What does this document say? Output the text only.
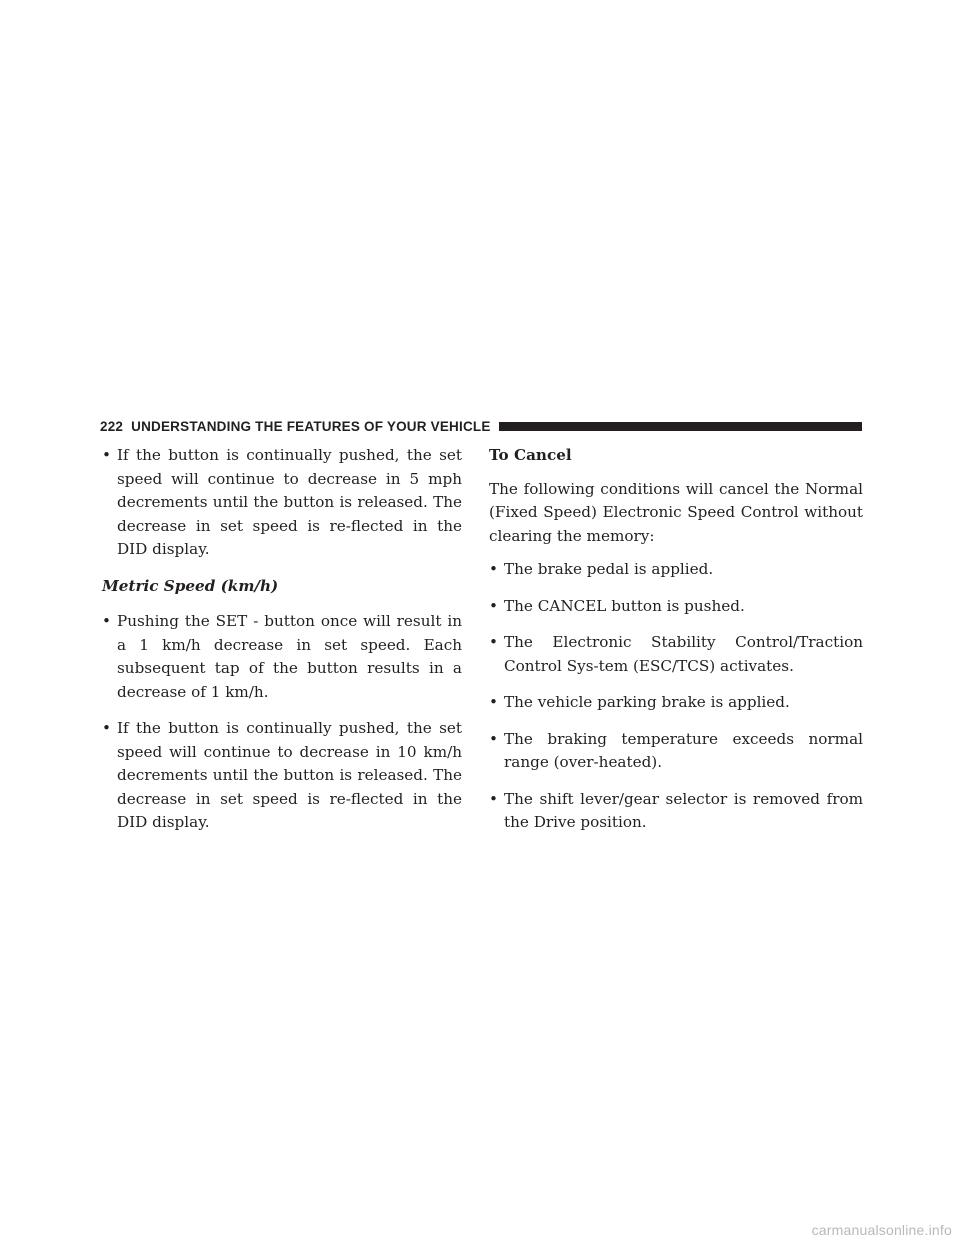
222 UNDERSTANDING THE FEATURES OF YOUR VEHICLE
• If the button is continually pushed, the set speed will continue to decrease in 5 mph decrements until the button is released. The decrease in set speed is re-flected in the DID display.
Metric Speed (km/h)
• Pushing the SET - button once will result in a 1 km/h decrease in set speed. Each subsequent tap of the button results in a decrease of 1 km/h.
• If the button is continually pushed, the set speed will continue to decrease in 10 km/h decrements until the button is released. The decrease in set speed is re-flected in the DID display.
To Cancel
The following conditions will cancel the Normal (Fixed Speed) Electronic Speed Control without clearing the memory:
• The brake pedal is applied.
• The CANCEL button is pushed.
• The Electronic Stability Control/Traction Control Sys-tem (ESC/TCS) activates.
• The vehicle parking brake is applied.
• The braking temperature exceeds normal range (over-heated).
• The shift lever/gear selector is removed from the Drive position.
carmanualsonline.info
